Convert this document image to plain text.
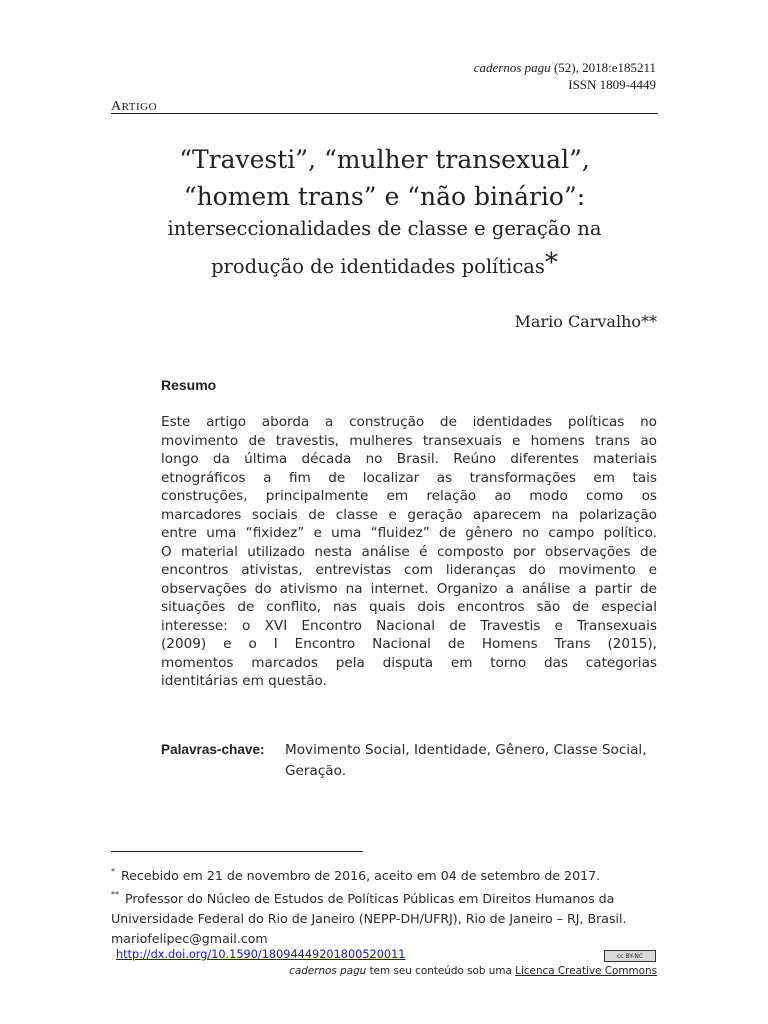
cadernos pagu (52), 2018:e185211
ISSN 1809-4449
ARTIGO
“Travesti”, “mulher transexual”,
“homem trans” e “não binário”:
interseccionalidades de classe e geração na
produção de identidades políticas*
Mario Carvalho**
Resumo
Este artigo aborda a construção de identidades políticas no
movimento de travestis, mulheres transexuais e homens trans ao
longo da última década no Brasil. Reúno diferentes materiais
etnográficos a fim de localizar as transformações em tais
construções, principalmente em relação ao modo como os
marcadores sociais de classe e geração aparecem na polarização
entre uma “fixidez” e uma “fluidez” de gênero no campo político.
O material utilizado nesta análise é composto por observações de
encontros ativistas, entrevistas com lideranças do movimento e
observações do ativismo na internet. Organizo a análise a partir de
situações de conflito, nas quais dois encontros são de especial
interesse: o XVI Encontro Nacional de Travestis e Transexuais
(2009) e o I Encontro Nacional de Homens Trans (2015),
momentos marcados pela disputa em torno das categorias
identitárias em questão.
Palavras-chave: Movimento Social, Identidade, Gênero, Classe Social, Geração.
* Recebido em 21 de novembro de 2016, aceito em 04 de setembro de 2017.
** Professor do Núcleo de Estudos de Políticas Públicas em Direitos Humanos da Universidade Federal do Rio de Janeiro (NEPP-DH/UFRJ), Rio de Janeiro – RJ, Brasil. mariofelipec@gmail.com
http://dx.doi.org/10.1590/18094449201800520011	cc BY-NC
cadernos pagu tem seu conteúdo sob uma Licenca Creative Commons
